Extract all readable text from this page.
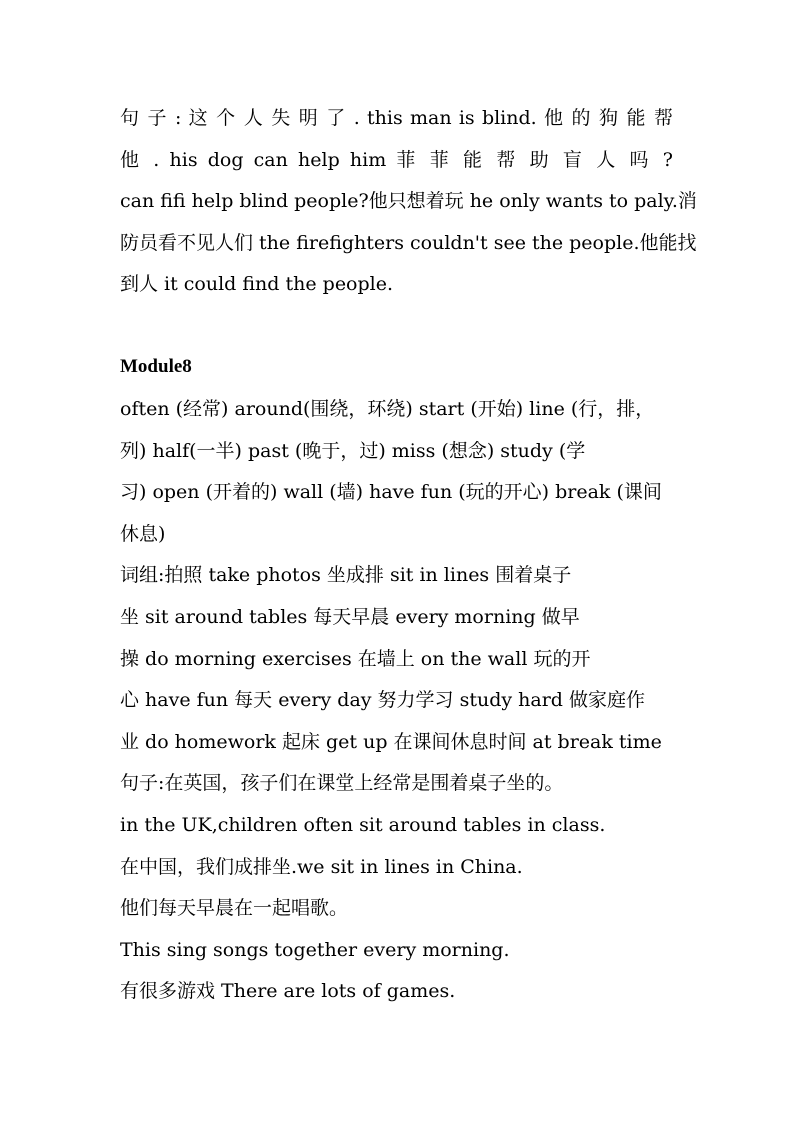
句 子 : 这 个 人 失 明 了 . this man is blind. 他 的 狗 能 帮
他 . his dog can help him 菲 菲 能 帮 助 盲 人 吗 ?
can fifi help blind people?他只想着玩 he only wants to paly.消
防员看不见人们 the firefighters couldn't see the people.他能找
到人 it could find the people.
Module8
often (经常) around(围绕，环绕) start (开始) line (行，排，
列) half(一半) past (晚于，过) miss (想念) study (学
习) open (开着的) wall (墙) have fun (玩的开心) break (课间
休息)
词组:拍照 take photos 坐成排 sit in lines 围着桌子
坐 sit around tables 每天早晨 every morning 做早
操 do morning exercises 在墙上 on the wall 玩的开
心 have fun 每天 every day 努力学习 study hard 做家庭作
业 do homework 起床 get up 在课间休息时间 at break time
句子:在英国，孩子们在课堂上经常是围着桌子坐的。
in the UK,children often sit around tables in class.
在中国，我们成排坐.we sit in lines in China.
他们每天早晨在一起唱歌。
This sing songs together every morning.
有很多游戏 There are lots of games.
